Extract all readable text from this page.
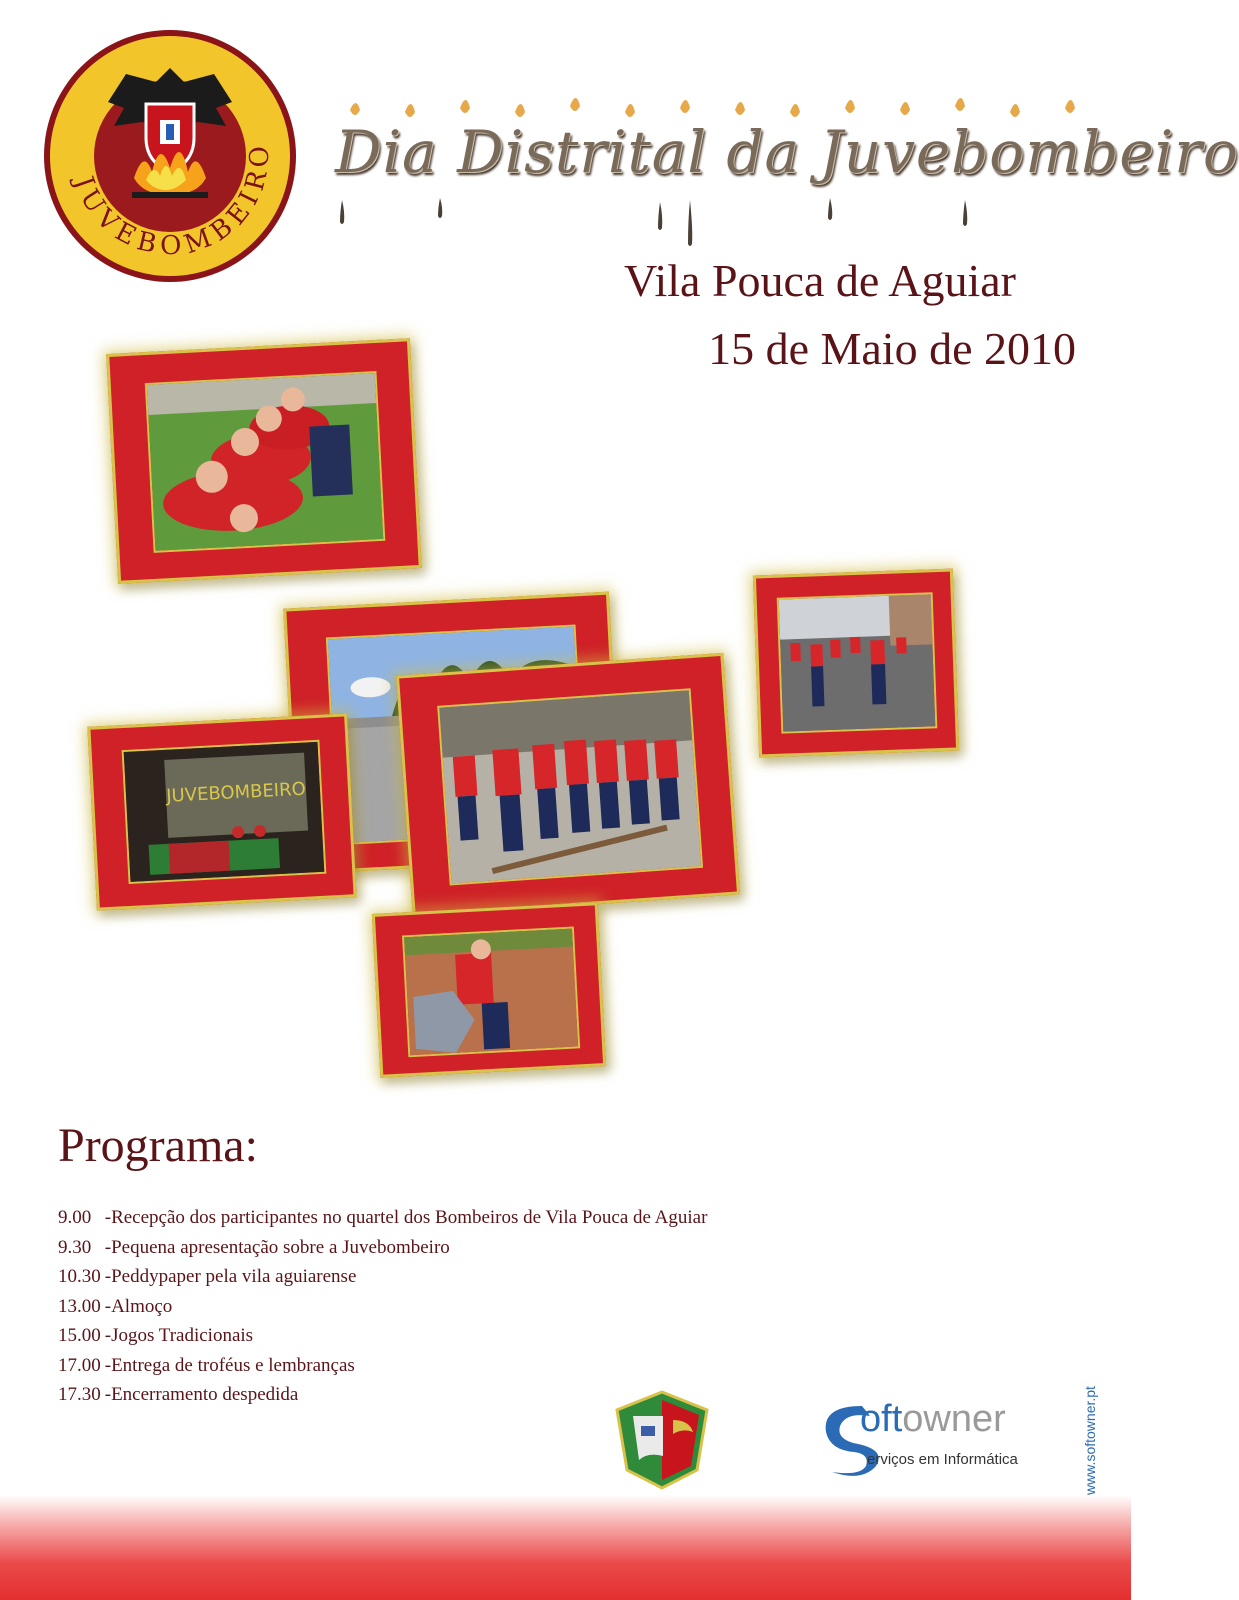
JUVEBOMBEIRO Dia Distrital da Juvebombeiro
Vila Pouca de Aguiar
15 de Maio de 2010
JUVEBOMBEIRO
Programa:
9.00 -Recepção dos participantes no quartel dos Bombeiros de Vila Pouca de Aguiar
9.30 -Pequena apresentação sobre a Juvebombeiro
10.30 -Peddypaper pela vila aguiarense
13.00 -Almoço
15.00 -Jogos Tradicionais
17.00 -Entrega de troféus e lembranças
17.30 -Encerramento despedida
oftowner
erviços em Informática	www.softowner.pt
